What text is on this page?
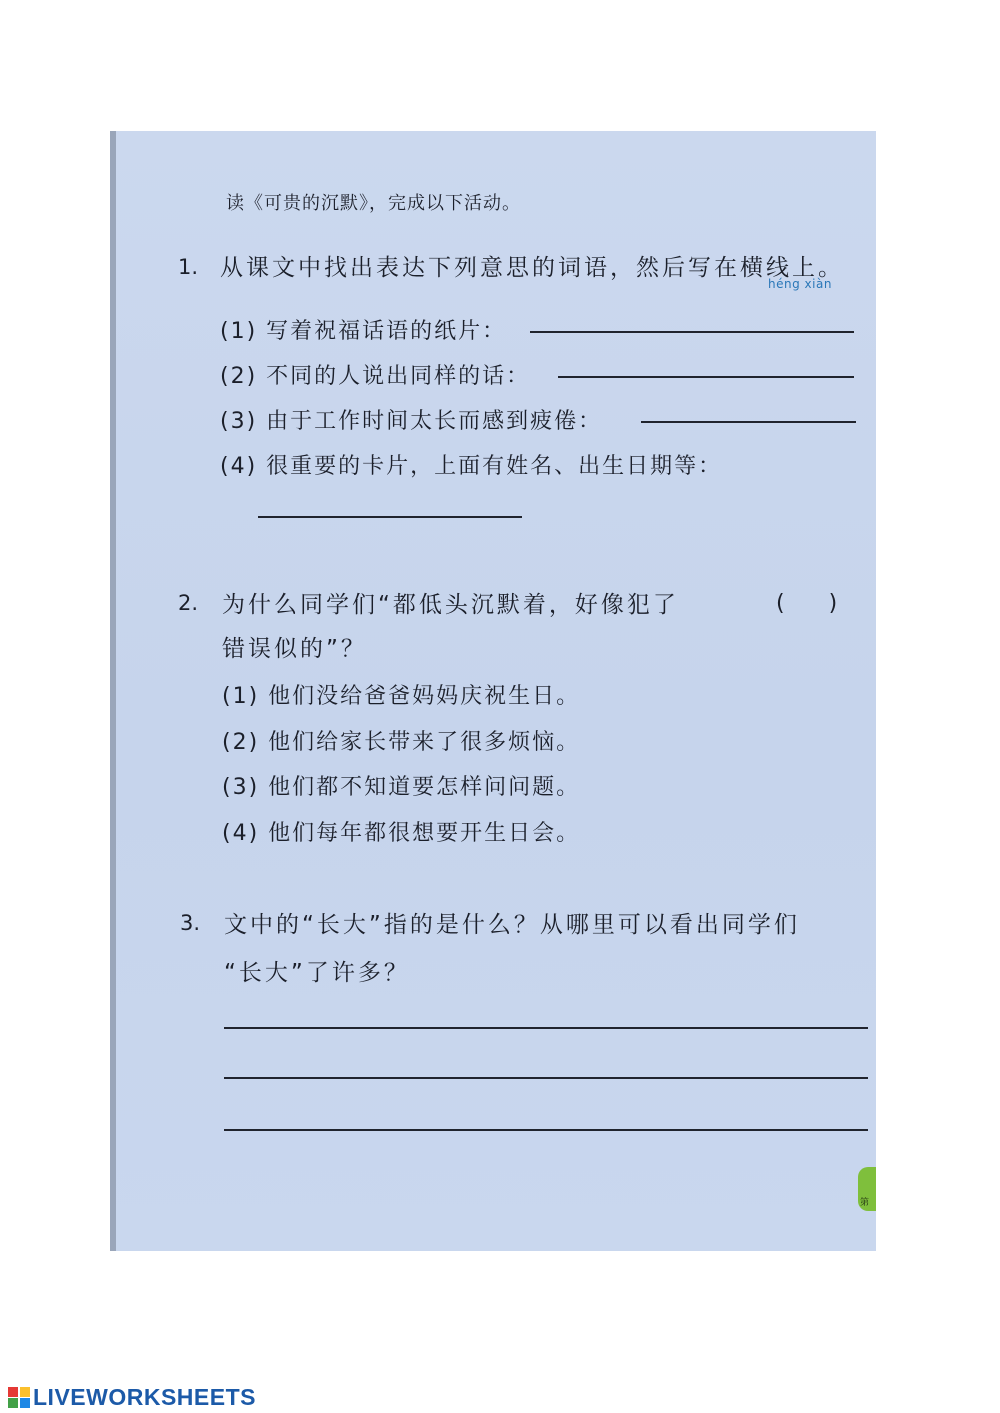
读《可贵的沉默》，完成以下活动。
1. 从课文中找出表达下列意思的词语，然后写在横线上。
héng xiàn
(1) 写着祝福话语的纸片：
(2) 不同的人说出同样的话：
(3) 由于工作时间太长而感到疲倦：
(4) 很重要的卡片，上面有姓名、出生日期等：
2. 为什么同学们“都低头沉默着，好像犯了	(　　)
错误似的”？
(1) 他们没给爸爸妈妈庆祝生日。
(2) 他们给家长带来了很多烦恼。
(3) 他们都不知道要怎样问问题。
(4) 他们每年都很想要开生日会。
3. 文中的“长大”指的是什么？从哪里可以看出同学们
“长大”了许多？
第
LIVEWORKSHEETS
